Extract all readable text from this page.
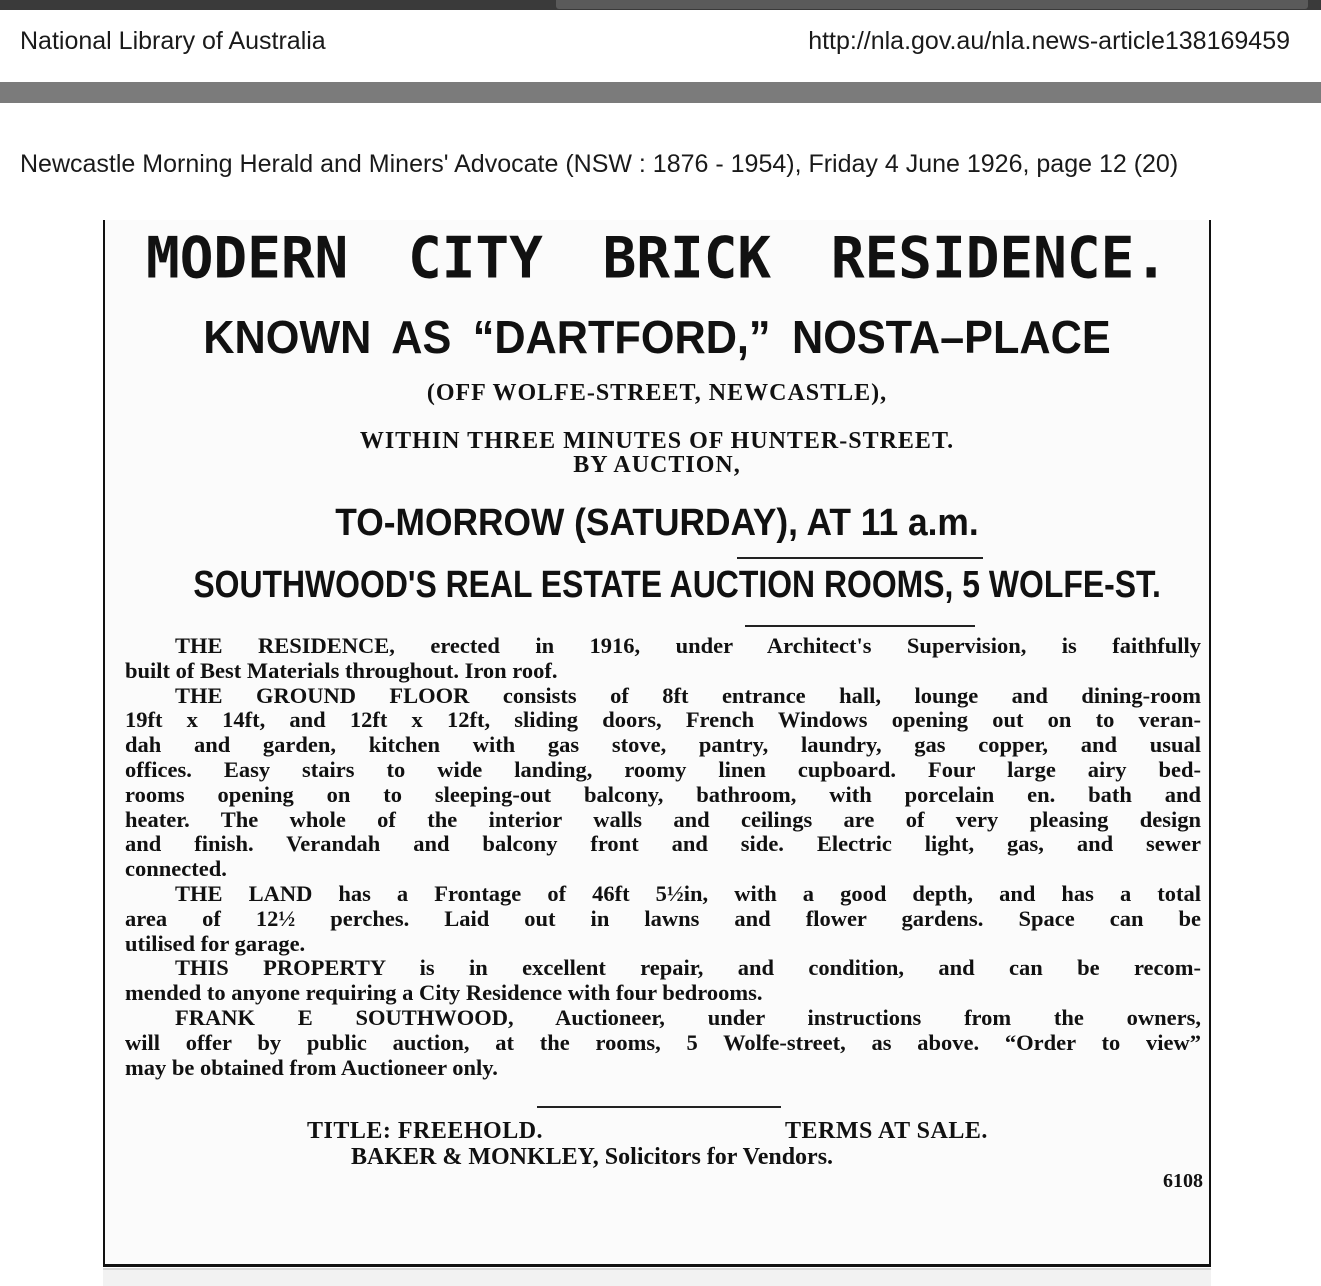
National Library of Australia	http://nla.gov.au/nla.news-article138169459
Newcastle Morning Herald and Miners' Advocate (NSW : 1876 - 1954), Friday 4 June 1926, page 12 (20)
MODERN CITY BRICK RESIDENCE.
KNOWN AS “DARTFORD,” NOSTA–PLACE
(OFF WOLFE-STREET, NEWCASTLE),
WITHIN THREE MINUTES OF HUNTER-STREET.
BY AUCTION,
TO-MORROW (SATURDAY), AT 11 a.m.
SOUTHWOOD'S REAL ESTATE AUCTION ROOMS, 5 WOLFE-ST.
THE RESIDENCE, erected in 1916, under Architect's Supervision, is faithfully
built of Best Materials throughout. Iron roof.
THE GROUND FLOOR consists of 8ft entrance hall, lounge and dining-room
19ft x 14ft, and 12ft x 12ft, sliding doors, French Windows opening out on to veran-
dah and garden, kitchen with gas stove, pantry, laundry, gas copper, and usual
offices. Easy stairs to wide landing, roomy linen cupboard. Four large airy bed-
rooms opening on to sleeping-out balcony, bathroom, with porcelain en. bath and
heater. The whole of the interior walls and ceilings are of very pleasing design
and finish. Verandah and balcony front and side. Electric light, gas, and sewer
connected.
THE LAND has a Frontage of 46ft 5½in, with a good depth, and has a total
area of 12½ perches. Laid out in lawns and flower gardens. Space can be
utilised for garage.
THIS PROPERTY is in excellent repair, and condition, and can be recom-
mended to anyone requiring a City Residence with four bedrooms.
FRANK E SOUTHWOOD, Auctioneer, under instructions from the owners,
will offer by public auction, at the rooms, 5 Wolfe-street, as above. “Order to view”
may be obtained from Auctioneer only.
TITLE: FREEHOLD.	TERMS AT SALE.
BAKER & MONKLEY, Solicitors for Vendors.
6108
